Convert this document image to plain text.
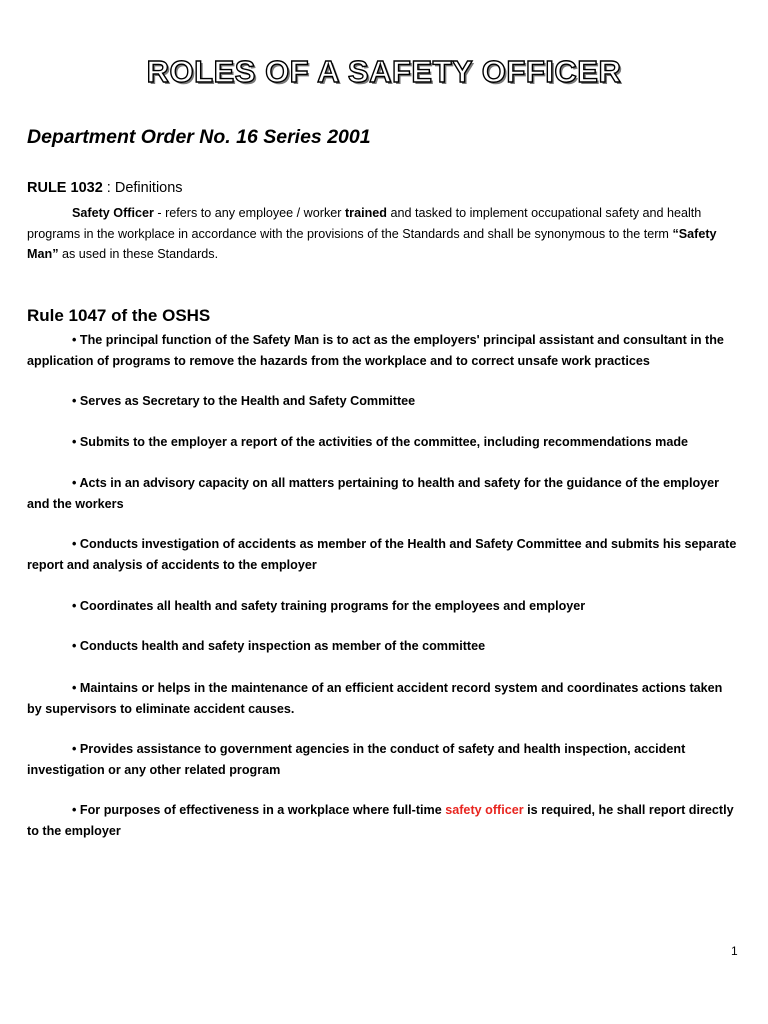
ROLES OF A SAFETY OFFICER
Department Order No. 16 Series 2001
RULE 1032 : Definitions
Safety Officer - refers to any employee / worker trained and tasked to implement occupational safety and health programs in the workplace in accordance with the provisions of the Standards and shall be synonymous to the term “Safety Man” as used in these Standards.
Rule 1047 of the OSHS
• The principal function of the Safety Man is to act as the employers' principal assistant and consultant in the application of programs to remove the hazards from the workplace and to correct unsafe work practices
• Serves as Secretary to the Health and Safety Committee
• Submits to the employer a report of the activities of the committee, including recommendations made
• Acts in an advisory capacity on all matters pertaining to health and safety for the guidance of the employer and the workers
• Conducts investigation of accidents as member of the Health and Safety Committee and submits his separate report and analysis of accidents to the employer
• Coordinates all health and safety training programs for the employees and employer
• Conducts health and safety inspection as member of the committee
• Maintains or helps in the maintenance of an efficient accident record system and coordinates actions taken by supervisors to eliminate accident causes.
• Provides assistance to government agencies in the conduct of safety and health inspection, accident investigation or any other related program
• For purposes of effectiveness in a workplace where full-time safety officer is required, he shall report directly to the employer
1
